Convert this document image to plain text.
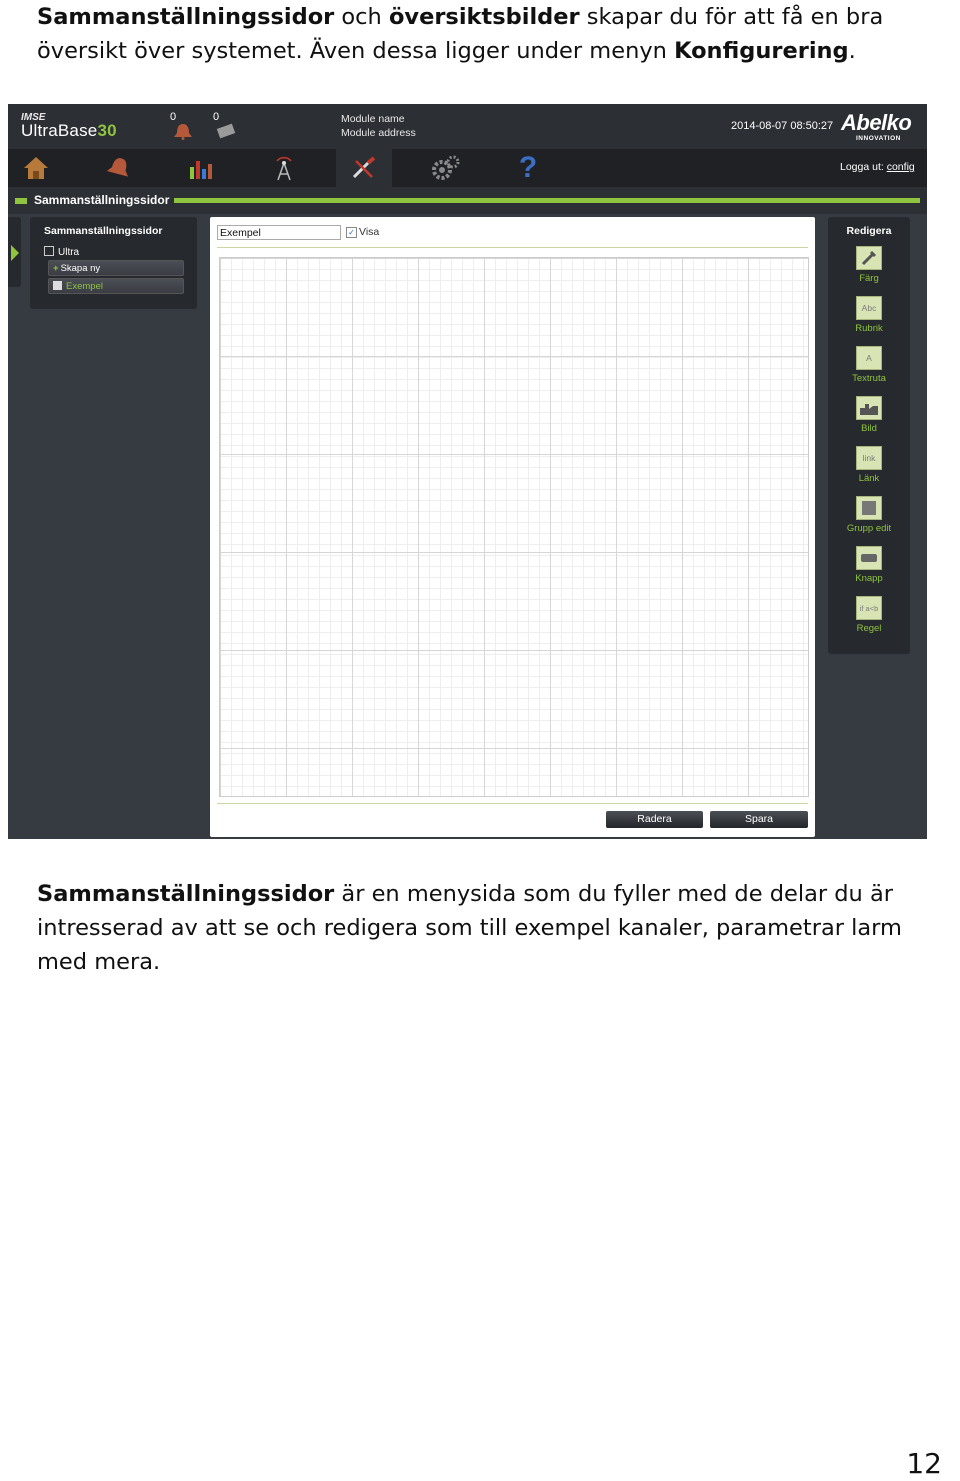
Sammanställningssidor och översiktsbilder skapar du för att få en bra översikt över systemet. Även dessa ligger under menyn Konfigurering.

IMSE
UltraBase30
0	0	Module name
Module address
2014-08-07 08:50:27 Abelko
INNOVATION
?	Logga ut: config
Sammanställningssidor
Sammanställningssidor
Ultra
+ Skapa ny
Exempel
Exempel	✓ Visa
Radera	Spara
Redigera
Färg
Abc
Rubrik
A
Textruta
Bild
link
Länk
Grupp edit
Knapp
if a<b
Regel

Sammanställningssidor är en menysida som du fyller med de delar du är intresserad av att se och redigera som till exempel kanaler, parametrar larm med mera.

12
